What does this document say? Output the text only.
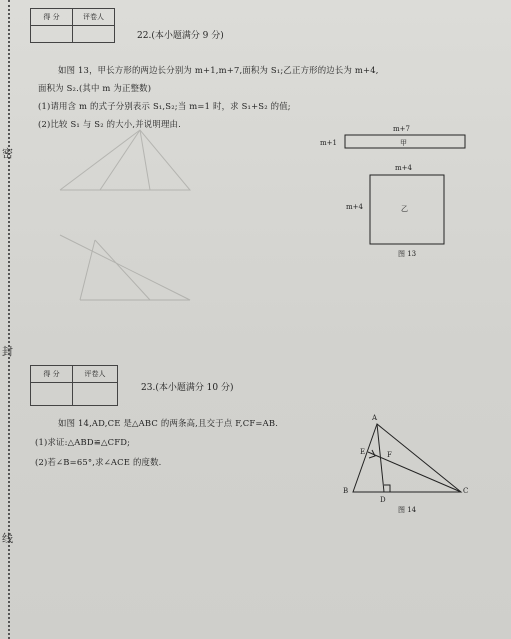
密
封
线
得 分	评卷人

22.(本小题满分 9 分)
如图 13，甲长方形的两边长分别为 m+1,m+7,面积为 S₁;乙正方形的边长为 m+4,
面积为 S₂.(其中 m 为正整数)
(1)请用含 m 的式子分别表示 S₁,S₂;当 m=1 时，求 S₁+S₂ 的值;
(2)比较 S₁ 与 S₂ 的大小,并说明理由.	m+7
m+1	甲
m+4
m+4	乙
图 13
得 分	评卷人

23.(本小题满分 10 分)
如图 14,AD,CE 是△ABC 的两条高,且交于点 F,CF=AB.
(1)求证:△ABD≌△CFD;
(2)若∠B=65°,求∠ACE 的度数.
A
B	C
D
E	F
图 14
